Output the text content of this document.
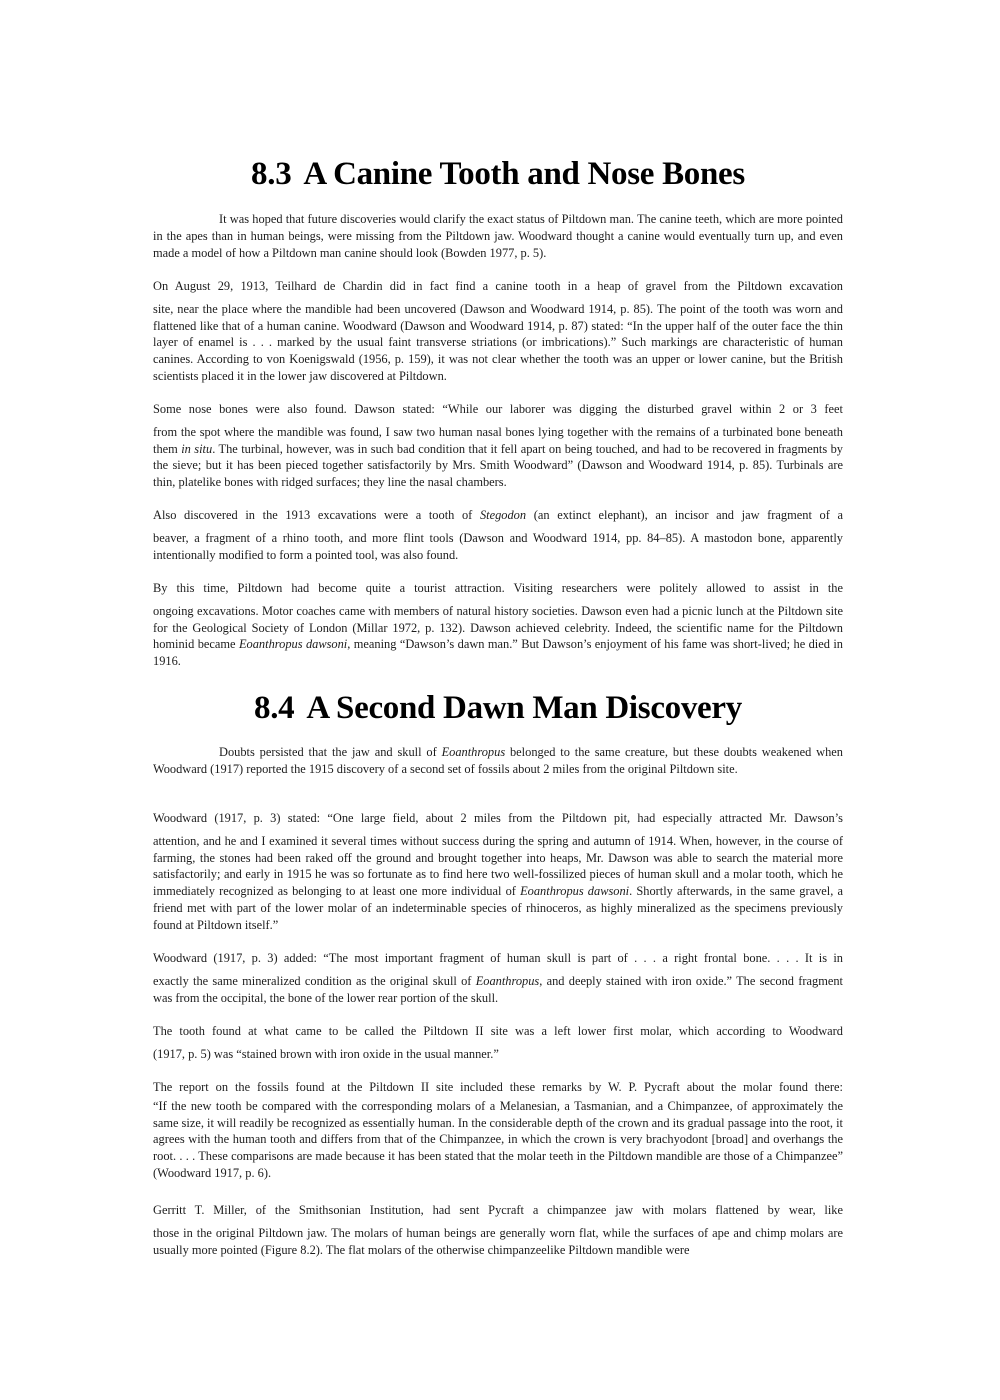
8.3 A Canine Tooth and Nose Bones

It was hoped that future discoveries would clarify the exact status of Piltdown man. The canine teeth, which are more pointed in the apes than in human beings, were missing from the Piltdown jaw. Woodward thought a canine would eventually turn up, and even made a model of how a Piltdown man canine should look (Bowden 1977, p. 5).

On August 29, 1913, Teilhard de Chardin did in fact find a canine tooth in a heap of gravel from the Piltdown excavation
site, near the place where the mandible had been uncovered (Dawson and Woodward 1914, p. 85). The point of the tooth was worn and flattened like that of a human canine. Woodward (Dawson and Woodward 1914, p. 87) stated: “In the upper half of the outer face the thin layer of enamel is . . . marked by the usual faint transverse striations (or imbrications).” Such markings are characteristic of human canines. According to von Koenigswald (1956, p. 159), it was not clear whether the tooth was an upper or lower canine, but the British scientists placed it in the lower jaw discovered at Piltdown.

Some nose bones were also found. Dawson stated: “While our laborer was digging the disturbed gravel within 2 or 3 feet
from the spot where the mandible was found, I saw two human nasal bones lying together with the remains of a turbinated bone beneath them in situ. The turbinal, however, was in such bad condition that it fell apart on being touched, and had to be recovered in fragments by the sieve; but it has been pieced together satisfactorily by Mrs. Smith Woodward” (Dawson and Woodward 1914, p. 85). Turbinals are thin, platelike bones with ridged surfaces; they line the nasal chambers.

Also discovered in the 1913 excavations were a tooth of Stegodon (an extinct elephant), an incisor and jaw fragment of a
beaver, a fragment of a rhino tooth, and more flint tools (Dawson and Woodward 1914, pp. 84–85). A mastodon bone, apparently intentionally modified to form a pointed tool, was also found.

By this time, Piltdown had become quite a tourist attraction. Visiting researchers were politely allowed to assist in the
ongoing excavations. Motor coaches came with members of natural history societies. Dawson even had a picnic lunch at the Piltdown site for the Geological Society of London (Millar 1972, p. 132). Dawson achieved celebrity. Indeed, the scientific name for the Piltdown hominid became Eoanthropus dawsoni, meaning “Dawson’s dawn man.” But Dawson’s enjoyment of his fame was short-lived; he died in 1916.

8.4 A Second Dawn Man Discovery

Doubts persisted that the jaw and skull of Eoanthropus belonged to the same creature, but these doubts weakened when Woodward (1917) reported the 1915 discovery of a second set of fossils about 2 miles from the original Piltdown site.

Woodward (1917, p. 3) stated: “One large field, about 2 miles from the Piltdown pit, had especially attracted Mr. Dawson’s
attention, and he and I examined it several times without success during the spring and autumn of 1914. When, however, in the course of farming, the stones had been raked off the ground and brought together into heaps, Mr. Dawson was able to search the material more satisfactorily; and early in 1915 he was so fortunate as to find here two well-fossilized pieces of human skull and a molar tooth, which he immediately recognized as belonging to at least one more individual of Eoanthropus dawsoni. Shortly afterwards, in the same gravel, a friend met with part of the lower molar of an indeterminable species of rhinoceros, as highly mineralized as the specimens previously found at Piltdown itself.”

Woodward (1917, p. 3) added: “The most important fragment of human skull is part of . . . a right frontal bone. . . . It is in
exactly the same mineralized condition as the original skull of Eoanthropus, and deeply stained with iron oxide.” The second fragment was from the occipital, the bone of the lower rear portion of the skull.

The tooth found at what came to be called the Piltdown II site was a left lower first molar, which according to Woodward
(1917, p. 5) was “stained brown with iron oxide in the usual manner.”

The report on the fossils found at the Piltdown II site included these remarks by W. P. Pycraft about the molar found there:
“If the new tooth be compared with the corresponding molars of a Melanesian, a Tasmanian, and a Chimpanzee, of approximately the same size, it will readily be recognized as essentially human. In the considerable depth of the crown and its gradual passage into the root, it agrees with the human tooth and differs from that of the Chimpanzee, in which the crown is very brachyodont [broad] and overhangs the root. . . . These comparisons are made because it has been stated that the molar teeth in the Piltdown mandible are those of a Chimpanzee” (Woodward 1917, p. 6).

Gerritt T. Miller, of the Smithsonian Institution, had sent Pycraft a chimpanzee jaw with molars flattened by wear, like
those in the original Piltdown jaw. The molars of human beings are generally worn flat, while the surfaces of ape and chimp molars are usually more pointed (Figure 8.2). The flat molars of the otherwise chimpanzeelike Piltdown mandible were
